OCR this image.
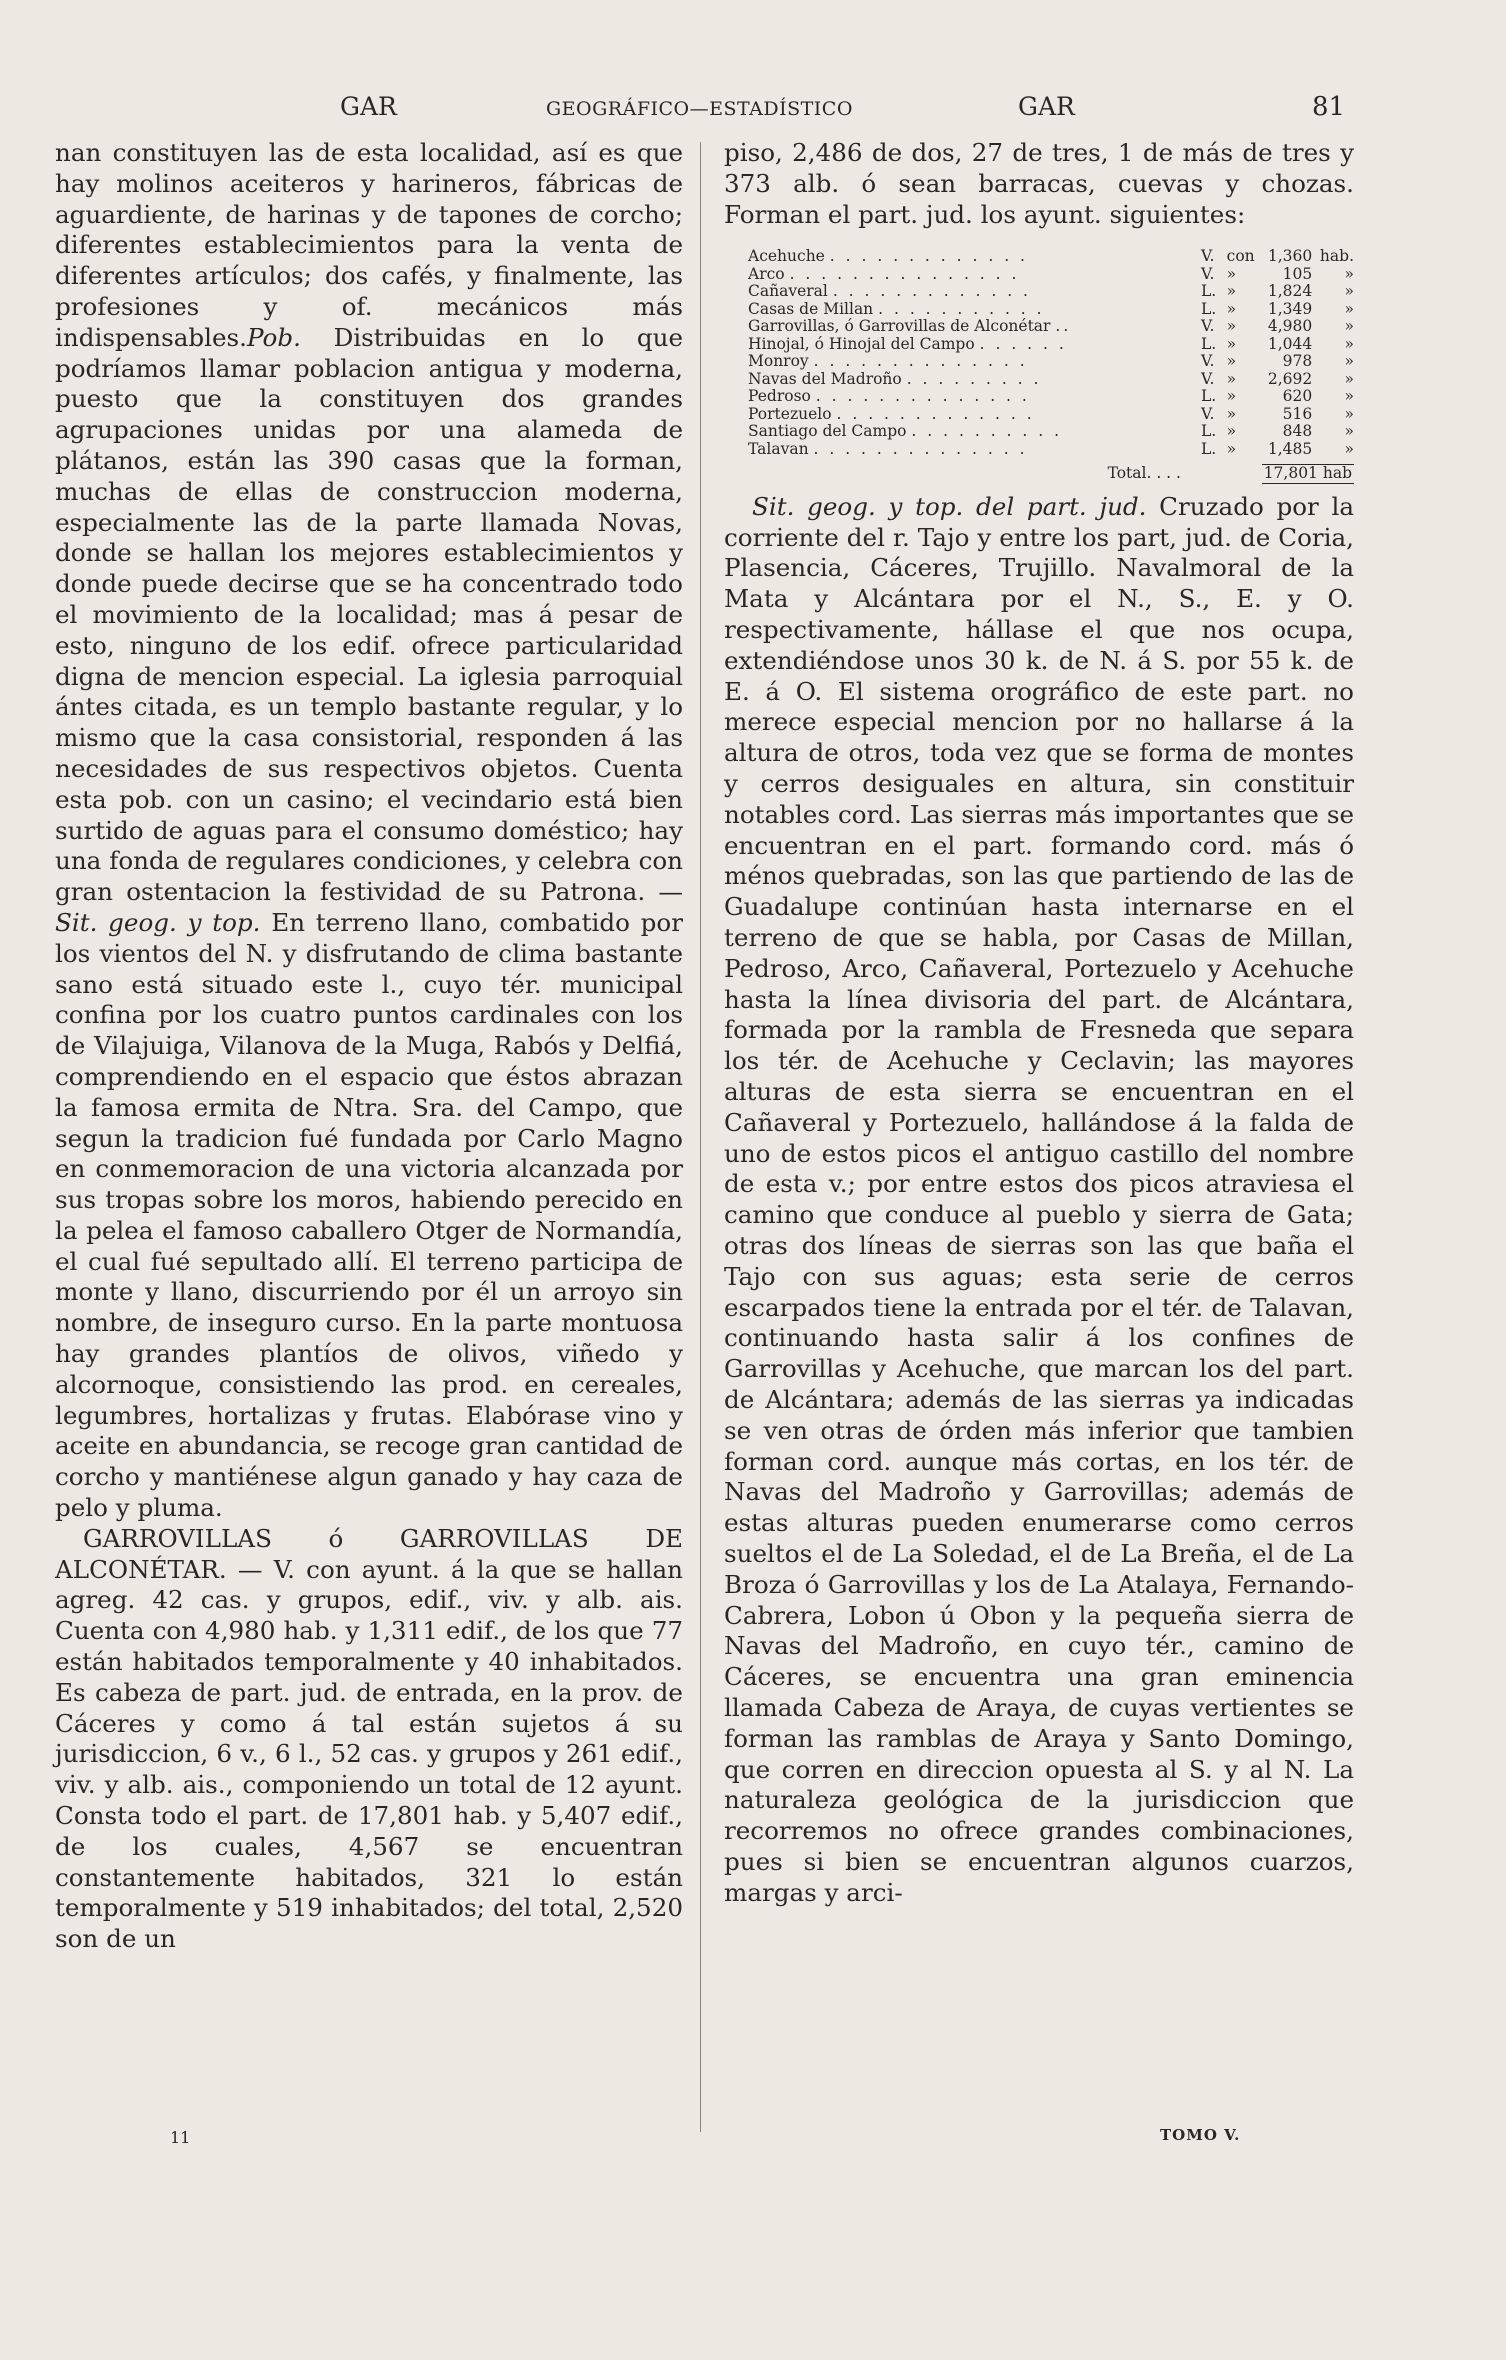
GAR	GEOGRÁFICO—ESTADÍSTICO	GAR	81

nan constituyen las de esta localidad, así es que hay molinos aceiteros y harineros, fábricas de aguardiente, de harinas y de tapones de corcho; diferentes establecimientos para la venta de diferentes artículos; dos cafés, y finalmente, las profesiones y of. mecánicos más indispensables.Pob. Distribuidas en lo que podríamos llamar poblacion antigua y moderna, puesto que la constituyen dos grandes agrupaciones unidas por una alameda de plátanos, están las 390 casas que la forman, muchas de ellas de construccion moderna, especialmente las de la parte llamada Novas, donde se hallan los mejores establecimientos y donde puede decirse que se ha concentrado todo el movimiento de la localidad; mas á pesar de esto, ninguno de los edif. ofrece particularidad digna de mencion especial. La iglesia parroquial ántes citada, es un templo bastante regular, y lo mismo que la casa consistorial, responden á las necesidades de sus respectivos objetos. Cuenta esta pob. con un casino; el vecindario está bien surtido de aguas para el consumo doméstico; hay una fonda de regulares condiciones, y celebra con gran ostentacion la festividad de su Patrona. — Sit. geog. y top. En terreno llano, combatido por los vientos del N. y disfrutando de clima bastante sano está situado este l., cuyo tér. municipal confina por los cuatro puntos cardinales con los de Vilajuiga, Vilanova de la Muga, Rabós y Delfiá, comprendiendo en el espacio que éstos abrazan la famosa ermita de Ntra. Sra. del Campo, que segun la tradicion fué fundada por Carlo Magno en conmemoracion de una victoria alcanzada por sus tropas sobre los moros, habiendo perecido en la pelea el famoso caballero Otger de Normandía, el cual fué sepultado allí. El terreno participa de monte y llano, discurriendo por él un arroyo sin nombre, de inseguro curso. En la parte montuosa hay grandes plantíos de olivos, viñedo y alcornoque, consistiendo las prod. en cereales, legumbres, hortalizas y frutas. Elabórase vino y aceite en abundancia, se recoge gran cantidad de corcho y mantiénese algun ganado y hay caza de pelo y pluma.

GARROVILLAS ó GARROVILLAS DE ALCONÉTAR. — V. con ayunt. á la que se hallan agreg. 42 cas. y grupos, edif., viv. y alb. ais. Cuenta con 4,980 hab. y 1,311 edif., de los que 77 están habitados temporalmente y 40 inhabitados. Es cabeza de part. jud. de entrada, en la prov. de Cáceres y como á tal están sujetos á su jurisdiccion, 6 v., 6 l., 52 cas. y grupos y 261 edif., viv. y alb. ais., componiendo un total de 12 ayunt. Consta todo el part. de 17,801 hab. y 5,407 edif., de los cuales, 4,567 se encuentran constantemente habitados, 321 lo están temporalmente y 519 inhabitados; del total, 2,520 son de un

piso, 2,486 de dos, 27 de tres, 1 de más de tres y 373 alb. ó sean barracas, cuevas y chozas. Forman el part. jud. los ayunt. siguientes:

Acehuche . . . . . . . . . . . . .	V.	con	1,360	hab.
Arco . . . . . . . . . . . . . . .	V.	»	105	»
Cañaveral . . . . . . . . . . . . .	L.	»	1,824	»
Casas de Millan . . . . . . . . . . .	L.	»	1,349	»
Garrovillas, ó Garrovillas de Alconétar ..	V.	»	4,980	»
Hinojal, ó Hinojal del Campo . . . . . .	L.	»	1,044	»
Monroy . . . . . . . . . . . . . .	V.	»	978	»
Navas del Madroño . . . . . . . . .	V.	»	2,692	»
Pedroso . . . . . . . . . . . . . .	L.	»	620	»
Portezuelo . . . . . . . . . . . . .	V.	»	516	»
Santiago del Campo . . . . . . . . . .	L.	»	848	»
Talavan . . . . . . . . . . . . . .	L.	»	1,485	»
Total. . . .	17,801 hab			

Sit. geog. y top. del part. jud. Cruzado por la corriente del r. Tajo y entre los part, jud. de Coria, Plasencia, Cáceres, Trujillo. Navalmoral de la Mata y Alcántara por el N., S., E. y O. respectivamente, hállase el que nos ocupa, extendiéndose unos 30 k. de N. á S. por 55 k. de E. á O. El sistema orográfico de este part. no merece especial mencion por no hallarse á la altura de otros, toda vez que se forma de montes y cerros desiguales en altura, sin constituir notables cord. Las sierras más importantes que se encuentran en el part. formando cord. más ó ménos quebradas, son las que partiendo de las de Guadalupe continúan hasta internarse en el terreno de que se habla, por Casas de Millan, Pedroso, Arco, Cañaveral, Portezuelo y Acehuche hasta la línea divisoria del part. de Alcántara, formada por la rambla de Fresneda que separa los tér. de Acehuche y Ceclavin; las mayores alturas de esta sierra se encuentran en el Cañaveral y Portezuelo, hallándose á la falda de uno de estos picos el antiguo castillo del nombre de esta v.; por entre estos dos picos atraviesa el camino que conduce al pueblo y sierra de Gata; otras dos líneas de sierras son las que baña el Tajo con sus aguas; esta serie de cerros escarpados tiene la entrada por el tér. de Talavan, continuando hasta salir á los confines de Garrovillas y Acehuche, que marcan los del part. de Alcántara; además de las sierras ya indicadas se ven otras de órden más inferior que tambien forman cord. aunque más cortas, en los tér. de Navas del Madroño y Garrovillas; además de estas alturas pueden enumerarse como cerros sueltos el de La Soledad, el de La Breña, el de La Broza ó Garrovillas y los de La Atalaya, Fernando-Cabrera, Lobon ú Obon y la pequeña sierra de Navas del Madroño, en cuyo tér., camino de Cáceres, se encuentra una gran eminencia llamada Cabeza de Araya, de cuyas vertientes se forman las ramblas de Araya y Santo Domingo, que corren en direccion opuesta al S. y al N. La naturaleza geológica de la jurisdiccion que recorremos no ofrece grandes combinaciones, pues si bien se encuentran algunos cuarzos, margas y arci-

11	TOMO V.
